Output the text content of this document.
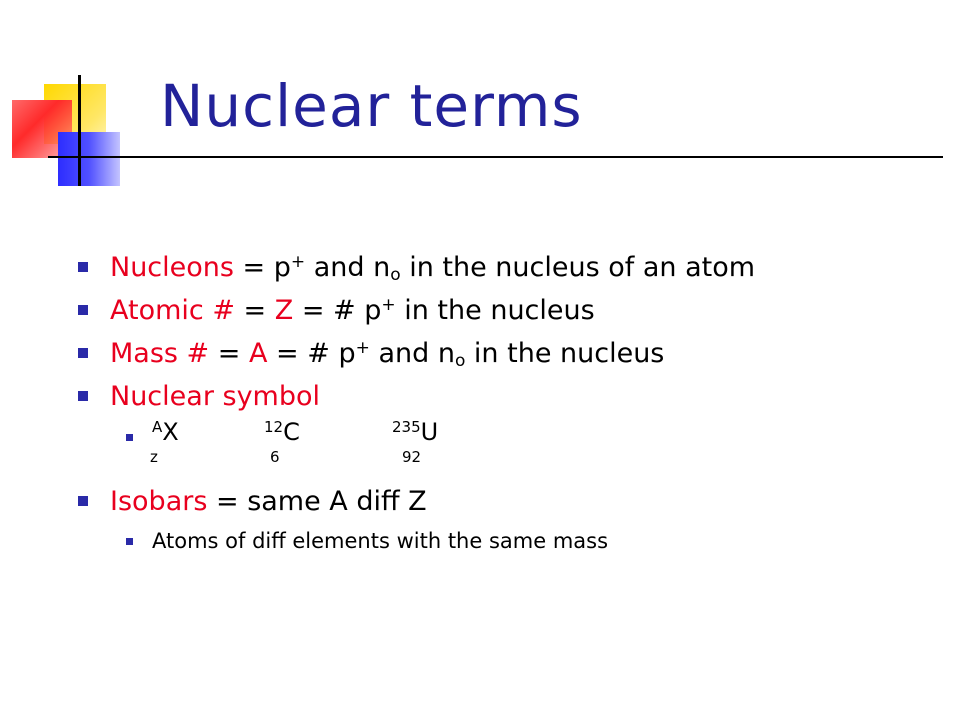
Nuclear terms
Nucleons = p+ and no in the nucleus of an atom
Atomic # = Z = # p+ in the nucleus
Mass # = A = # p+ and no in the nucleus
Nuclear symbol
$^A$X
z
$^{12}$C
6
$^{235}$U
92
Isobars = same A diff Z
Atoms of diff elements with the same mass
